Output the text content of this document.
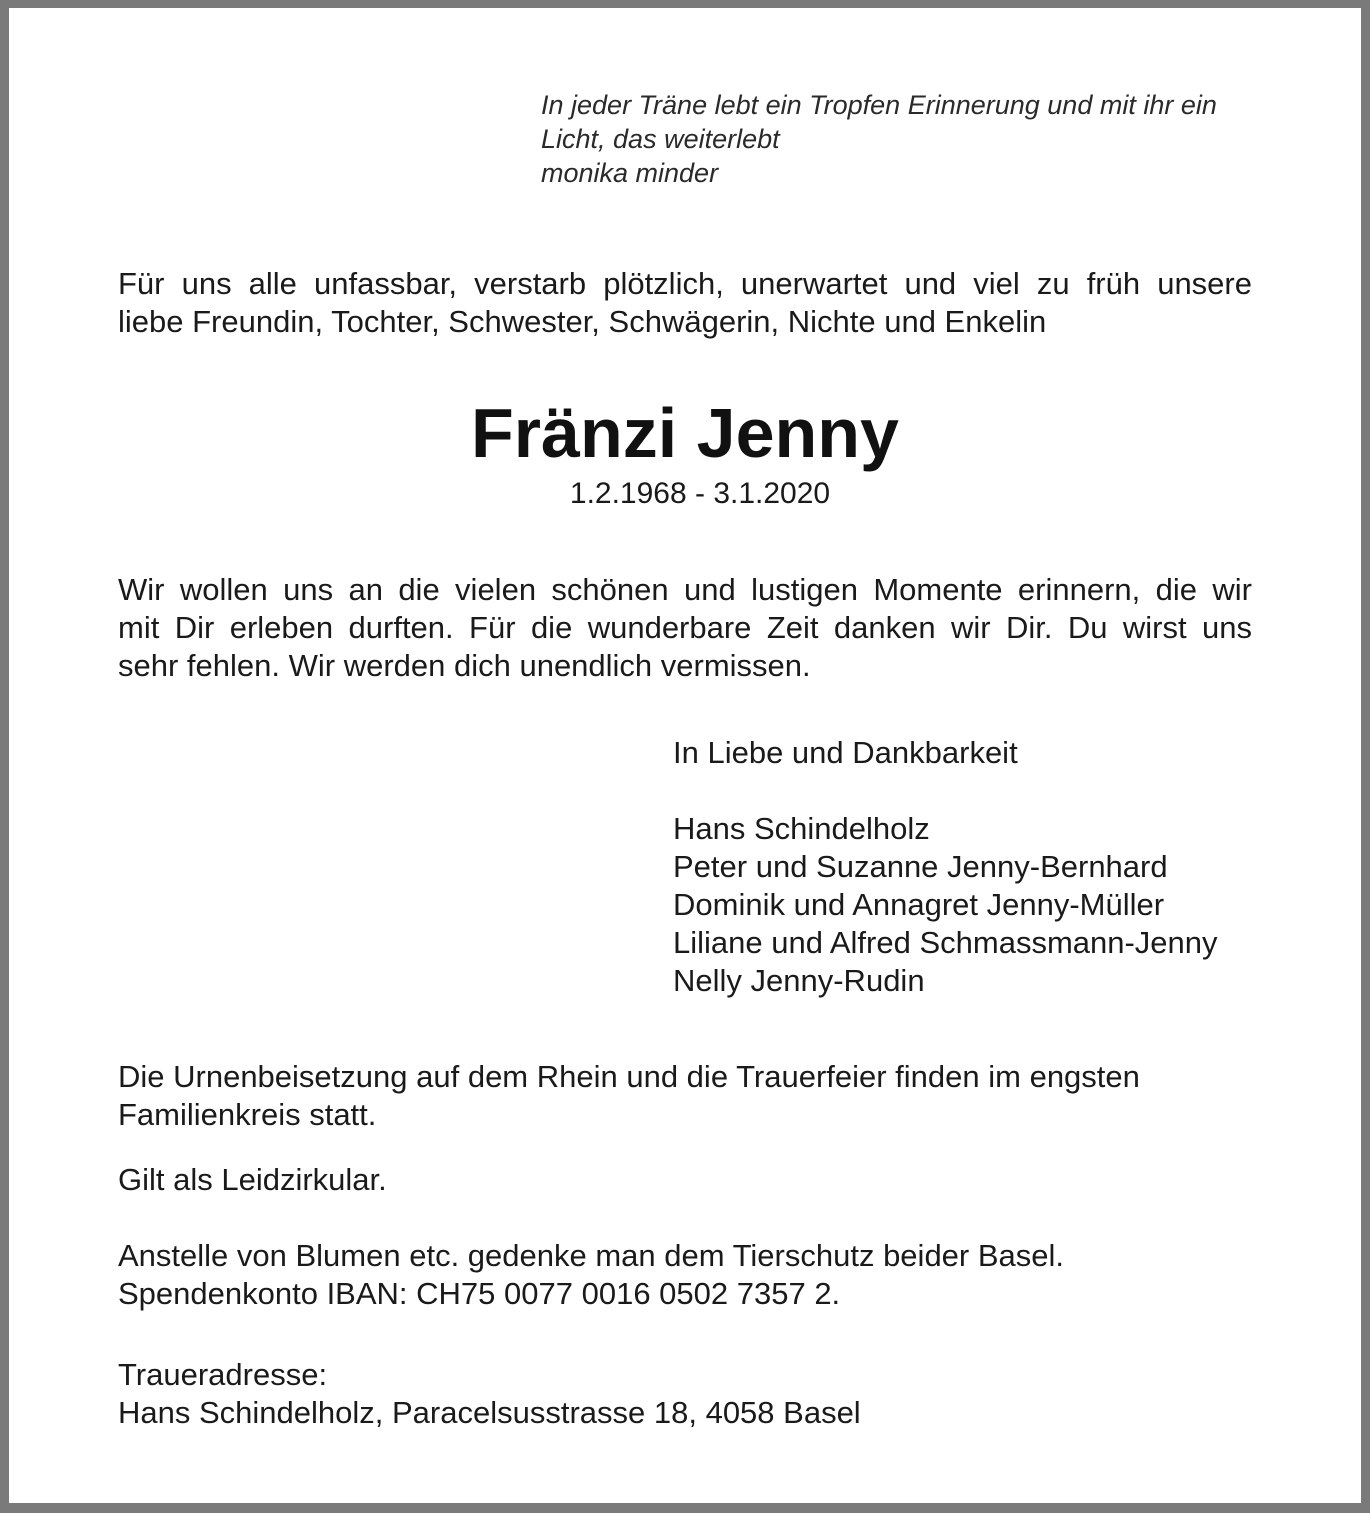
In jeder Träne lebt ein Tropfen Erinnerung und mit ihr ein
Licht, das weiterlebt
monika minder
Für uns alle unfassbar, verstarb plötzlich, unerwartet und viel zu früh unsere
liebe Freundin, Tochter, Schwester, Schwägerin, Nichte und Enkelin
Fränzi Jenny
1.2.1968 - 3.1.2020
Wir wollen uns an die vielen schönen und lustigen Momente erinnern, die wir
mit Dir erleben durften. Für die wunderbare Zeit danken wir Dir. Du wirst uns
sehr fehlen. Wir werden dich unendlich vermissen.
In Liebe und Dankbarkeit
Hans Schindelholz
Peter und Suzanne Jenny-Bernhard
Dominik und Annagret Jenny-Müller
Liliane und Alfred Schmassmann-Jenny
Nelly Jenny-Rudin
Die Urnenbeisetzung auf dem Rhein und die Trauerfeier finden im engsten
Familienkreis statt.
Gilt als Leidzirkular.
Anstelle von Blumen etc. gedenke man dem Tierschutz beider Basel.
Spendenkonto IBAN: CH75 0077 0016 0502 7357 2.
Traueradresse:
Hans Schindelholz, Paracelsusstrasse 18, 4058 Basel
